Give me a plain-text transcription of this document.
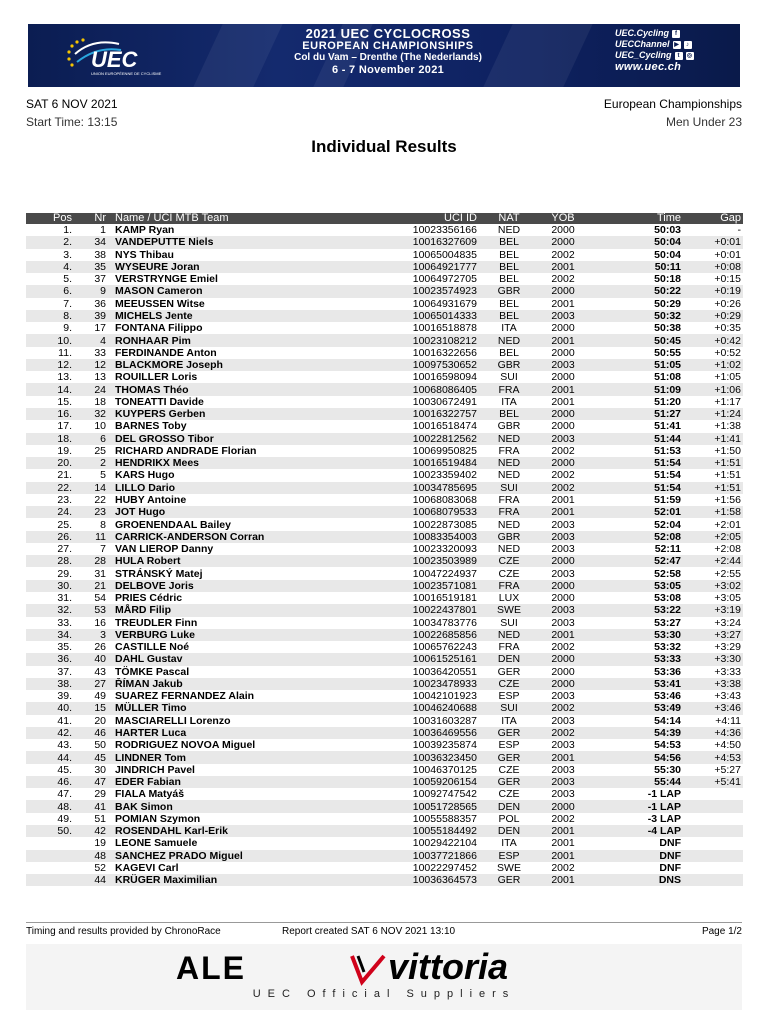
UEC
UNION EUROPÉENNE DE CYCLISME
2021 UEC CYCLOCROSS
EUROPEAN CHAMPIONSHIPS
Col du Vam – Drenthe (The Nederlands)
6 - 7 November 2021
UEC.Cycling	f
UECChannel ▶	♪
UEC_Cycling	t	◎
www.uec.ch
SAT 6 NOV 2021
Start Time: 13:15
European Championships
Men Under 23
Individual Results
Pos	Nr	Name / UCI MTB Team	UCI ID	NAT	YOB	Time	Gap
1.	1	KAMP Ryan	10023356166	NED	2000	50:03	-
2.	34	VANDEPUTTE Niels	10016327609	BEL	2000	50:04	+0:01
3.	38	NYS Thibau	10065004835	BEL	2002	50:04	+0:01
4.	35	WYSEURE Joran	10064921777	BEL	2001	50:11	+0:08
5.	37	VERSTRYNGE Emiel	10064972705	BEL	2002	50:18	+0:15
6.	9	MASON Cameron	10023574923	GBR	2000	50:22	+0:19
7.	36	MEEUSSEN Witse	10064931679	BEL	2001	50:29	+0:26
8.	39	MICHELS Jente	10065014333	BEL	2003	50:32	+0:29
9.	17	FONTANA Filippo	10016518878	ITA	2000	50:38	+0:35
10.	4	RONHAAR Pim	10023108212	NED	2001	50:45	+0:42
11.	33	FERDINANDE Anton	10016322656	BEL	2000	50:55	+0:52
12.	12	BLACKMORE Joseph	10097530652	GBR	2003	51:05	+1:02
13.	13	ROUILLER Loris	10016598094	SUI	2000	51:08	+1:05
14.	24	THOMAS Théo	10068086405	FRA	2001	51:09	+1:06
15.	18	TONEATTI Davide	10030672491	ITA	2001	51:20	+1:17
16.	32	KUYPERS Gerben	10016322757	BEL	2000	51:27	+1:24
17.	10	BARNES Toby	10016518474	GBR	2000	51:41	+1:38
18.	6	DEL GROSSO Tibor	10022812562	NED	2003	51:44	+1:41
19.	25	RICHARD ANDRADE Florian	10069950825	FRA	2002	51:53	+1:50
20.	2	HENDRIKX Mees	10016519484	NED	2000	51:54	+1:51
21.	5	KARS Hugo	10023359402	NED	2002	51:54	+1:51
22.	14	LILLO Dario	10034785695	SUI	2002	51:54	+1:51
23.	22	HUBY Antoine	10068083068	FRA	2001	51:59	+1:56
24.	23	JOT Hugo	10068079533	FRA	2001	52:01	+1:58
25.	8	GROENENDAAL Bailey	10022873085	NED	2003	52:04	+2:01
26.	11	CARRICK-ANDERSON Corran	10083354003	GBR	2003	52:08	+2:05
27.	7	VAN LIEROP Danny	10023320093	NED	2003	52:11	+2:08
28.	28	HULA Robert	10023503989	CZE	2000	52:47	+2:44
29.	31	STRÁNSKÝ Matej	10047224937	CZE	2003	52:58	+2:55
30.	21	DELBOVE Joris	10023571081	FRA	2000	53:05	+3:02
31.	54	PRIES Cédric	10016519181	LUX	2000	53:08	+3:05
32.	53	MÅRD Filip	10022437801	SWE	2003	53:22	+3:19
33.	16	TREUDLER Finn	10034783776	SUI	2003	53:27	+3:24
34.	3	VERBURG Luke	10022685856	NED	2001	53:30	+3:27
35.	26	CASTILLE Noé	10065762243	FRA	2002	53:32	+3:29
36.	40	DAHL Gustav	10061525161	DEN	2000	53:33	+3:30
37.	43	TÖMKE Pascal	10036420551	GER	2000	53:36	+3:33
38.	27	ŘÍMAN Jakub	10023478933	CZE	2000	53:41	+3:38
39.	49	SUAREZ FERNANDEZ Alain	10042101923	ESP	2003	53:46	+3:43
40.	15	MÜLLER Timo	10046240688	SUI	2002	53:49	+3:46
41.	20	MASCIARELLI Lorenzo	10031603287	ITA	2003	54:14	+4:11
42.	46	HARTER Luca	10036469556	GER	2002	54:39	+4:36
43.	50	RODRIGUEZ NOVOA Miguel	10039235874	ESP	2003	54:53	+4:50
44.	45	LINDNER Tom	10036323450	GER	2001	54:56	+4:53
45.	30	JINDRICH Pavel	10046370125	CZE	2003	55:30	+5:27
46.	47	EDER Fabian	10059206154	GER	2003	55:44	+5:41
47.	29	FIALA Matyáš	10092747542	CZE	2003	-1 LAP	
48.	41	BAK Simon	10051728565	DEN	2000	-1 LAP	
49.	51	POMIAN Szymon	10055588357	POL	2002	-3 LAP	
50.	42	ROSENDAHL Karl-Erik	10055184492	DEN	2001	-4 LAP	
	19	LEONE Samuele	10029422104	ITA	2001	DNF	
	48	SANCHEZ PRADO Miguel	10037721866	ESP	2001	DNF	
	52	KAGEVI Carl	10022297452	SWE	2002	DNF	
	44	KRÜGER Maximilian	10036364573	GER	2001	DNS	
Timing and results provided by ChronoRace	Report created SAT 6 NOV 2021 13:10	Page 1/2
ALE	vittoria
UEC Official Suppliers
